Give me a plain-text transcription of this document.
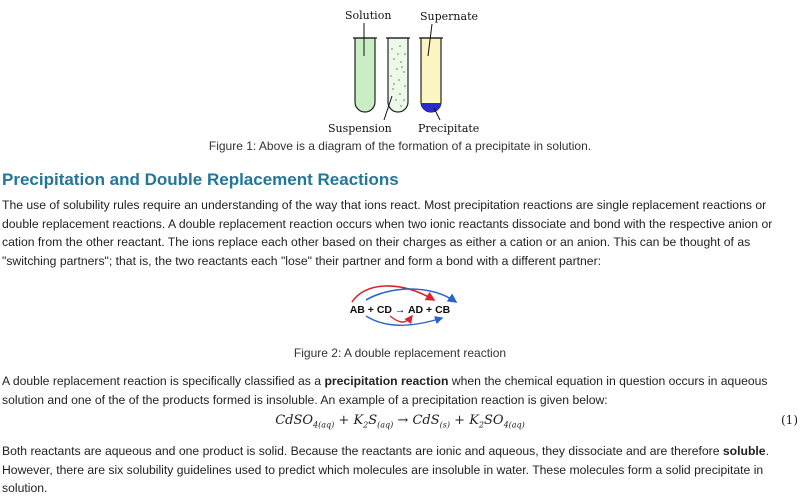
Solution	Supernate
Suspension Precipitate
Figure 1: Above is a diagram of the formation of a precipitate in solution.
Precipitation and Double Replacement Reactions

The use of solubility rules require an understanding of the way that ions react. Most precipitation reactions are single replacement reactions or double replacement reactions. A double replacement reaction occurs when two ionic reactants dissociate and bond with the respective anion or cation from the other reactant. The ions replace each other based on their charges as either a cation or an anion. This can be thought of as "switching partners"; that is, the two reactants each "lose" their partner and form a bond with a different partner:

AB + CD → AD + CB
Figure 2: A double replacement reaction

A double replacement reaction is specifically classified as a precipitation reaction when the chemical equation in question occurs in aqueous solution and one of the of the products formed is insoluble. An example of a precipitation reaction is given below:

CdSO$_{4(aq)}$ + $K_2S_{(aq)} \to CdS_{(s)} + K_2SO_{4(aq)}$	(1)

Both reactants are aqueous and one product is solid. Because the reactants are ionic and aqueous, they dissociate and are therefore soluble. However, there are six solubility guidelines used to predict which molecules are insoluble in water. These molecules form a solid precipitate in solution.
